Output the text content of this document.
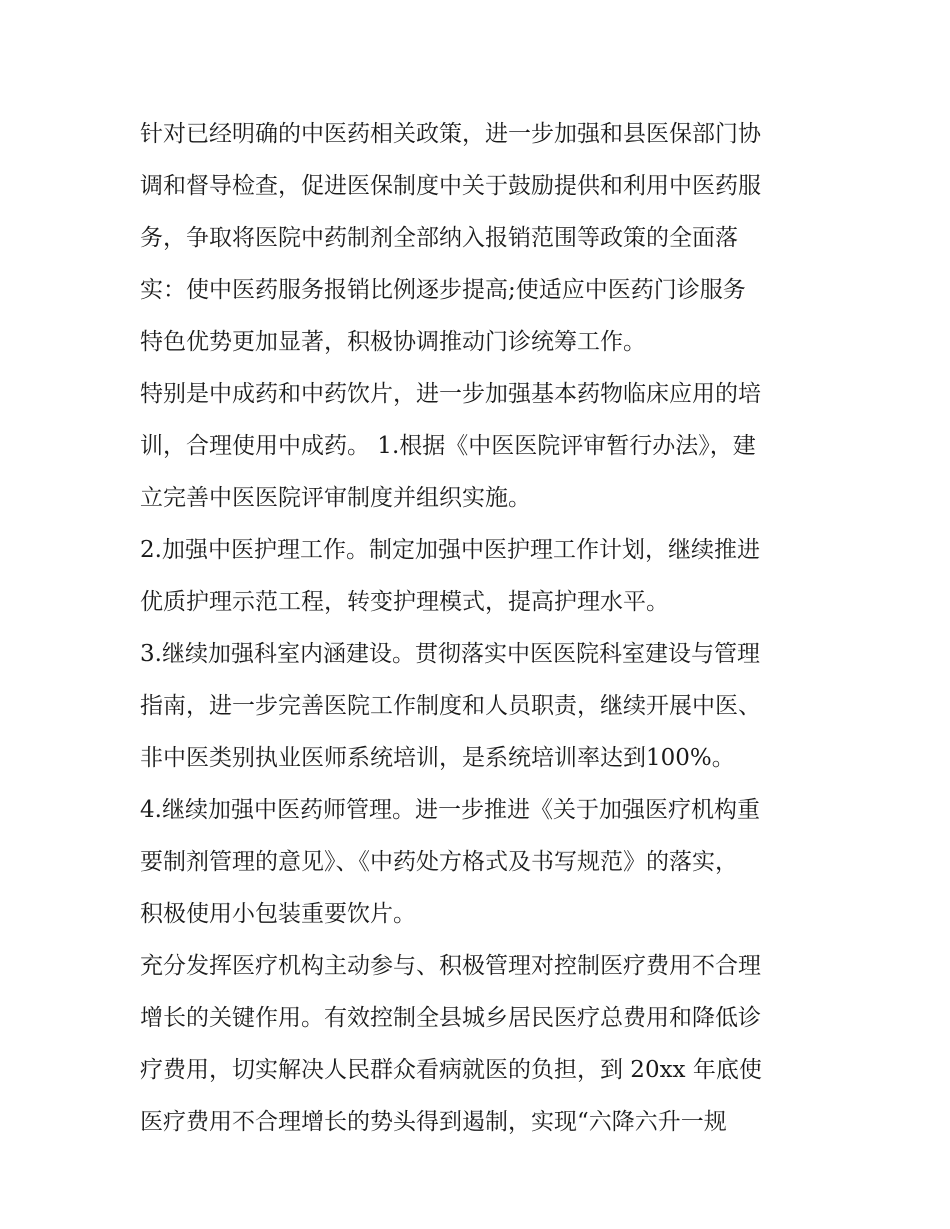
针对已经明确的中医药相关政策，进一步加强和县医保部门协
调和督导检查，促进医保制度中关于鼓励提供和利用中医药服
务，争取将医院中药制剂全部纳入报销范围等政策的全面落
实：使中医药服务报销比例逐步提高;使适应中医药门诊服务
特色优势更加显著，积极协调推动门诊统筹工作。
特别是中成药和中药饮片，进一步加强基本药物临床应用的培
训，合理使用中成药。 1.根据《中医医院评审暂行办法》，建
立完善中医医院评审制度并组织实施。
2.加强中医护理工作。制定加强中医护理工作计划，继续推进
优质护理示范工程，转变护理模式，提高护理水平。
3.继续加强科室内涵建设。贯彻落实中医医院科室建设与管理
指南，进一步完善医院工作制度和人员职责，继续开展中医、
非中医类别执业医师系统培训，是系统培训率达到100%。
4.继续加强中医药师管理。进一步推进《关于加强医疗机构重
要制剂管理的意见》、《中药处方格式及书写规范》的落实，
积极使用小包装重要饮片。
充分发挥医疗机构主动参与、积极管理对控制医疗费用不合理
增长的关键作用。有效控制全县城乡居民医疗总费用和降低诊
疗费用，切实解决人民群众看病就医的负担，到 20xx 年底使
医疗费用不合理增长的势头得到遏制，实现“六降六升一规
